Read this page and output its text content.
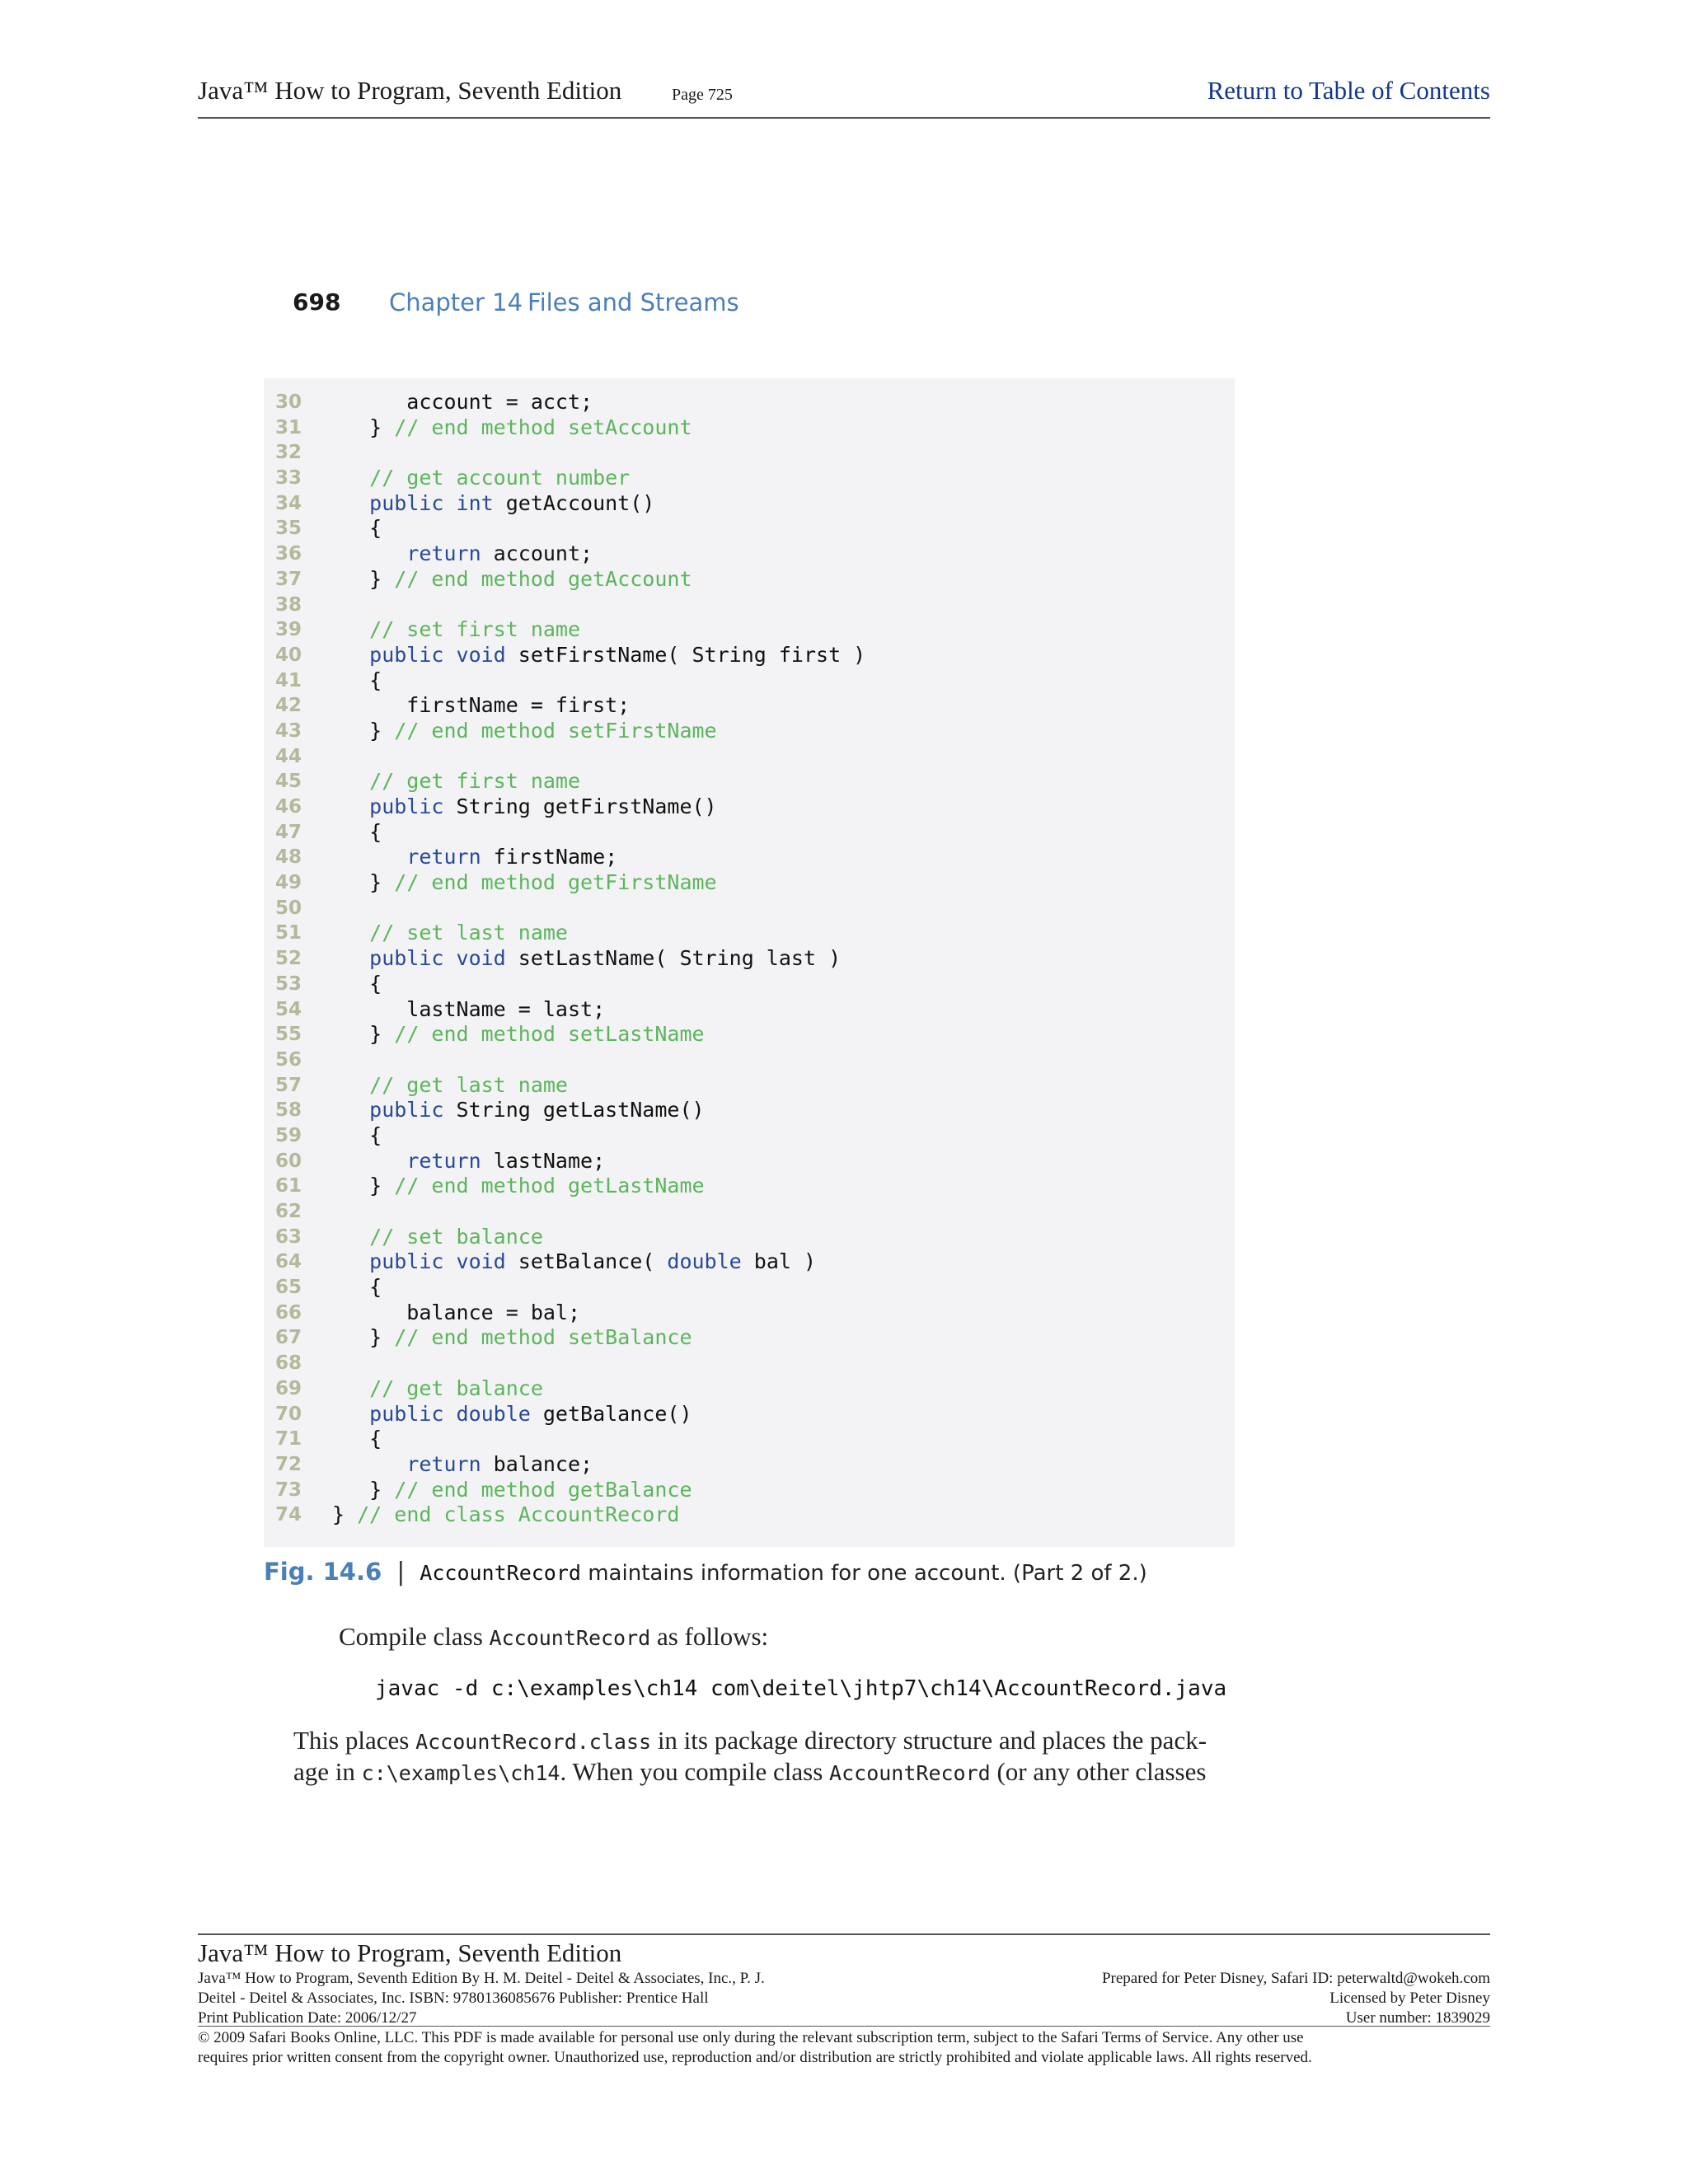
Java™ How to Program, Seventh Edition	Page 725	Return to Table of Contents
698 Chapter 14 Files and Streams
30 account = acct;
31 } // end method setAccount
32
33	// get account number
34	public int getAccount()
35 {
36	return account;
37 } // end method getAccount
38
39	// set first name
40	public void setFirstName( String first )
41 {
42 firstName = first;
43 } // end method setFirstName
44
45	// get first name
46	public String getFirstName()
47 {
48	return firstName;
49 } // end method getFirstName
50
51	// set last name
52	public void setLastName( String last )
53 {
54 lastName = last;
55 } // end method setLastName
56
57	// get last name
58	public String getLastName()
59 {
60	return lastName;
61 } // end method getLastName
62
63	// set balance
64	public void setBalance( double bal )
65 {
66 balance = bal;
67 } // end method setBalance
68
69	// get balance
70	public double getBalance()
71 {
72	return balance;
73 } // end method getBalance
74 } // end class AccountRecord
Fig. 14.6 | AccountRecord maintains information for one account. (Part 2 of 2.)
Compile class AccountRecord as follows:
javac -d c:\examples\ch14 com\deitel\jhtp7\ch14\AccountRecord.java
This places AccountRecord.class in its package directory structure and places the pack-
age in c:\examples\ch14. When you compile class AccountRecord (or any other classes
Java™ How to Program, Seventh Edition
Java™ How to Program, Seventh Edition By H. M. Deitel - Deitel & Associates, Inc., P. J.
Deitel - Deitel & Associates, Inc. ISBN: 9780136085676 Publisher: Prentice Hall
Print Publication Date: 2006/12/27
Prepared for Peter Disney, Safari ID: peterwaltd@wokeh.com
Licensed by Peter Disney
User number: 1839029
© 2009 Safari Books Online, LLC. This PDF is made available for personal use only during the relevant subscription term, subject to the Safari Terms of Service. Any other use
requires prior written consent from the copyright owner. Unauthorized use, reproduction and/or distribution are strictly prohibited and violate applicable laws. All rights reserved.
